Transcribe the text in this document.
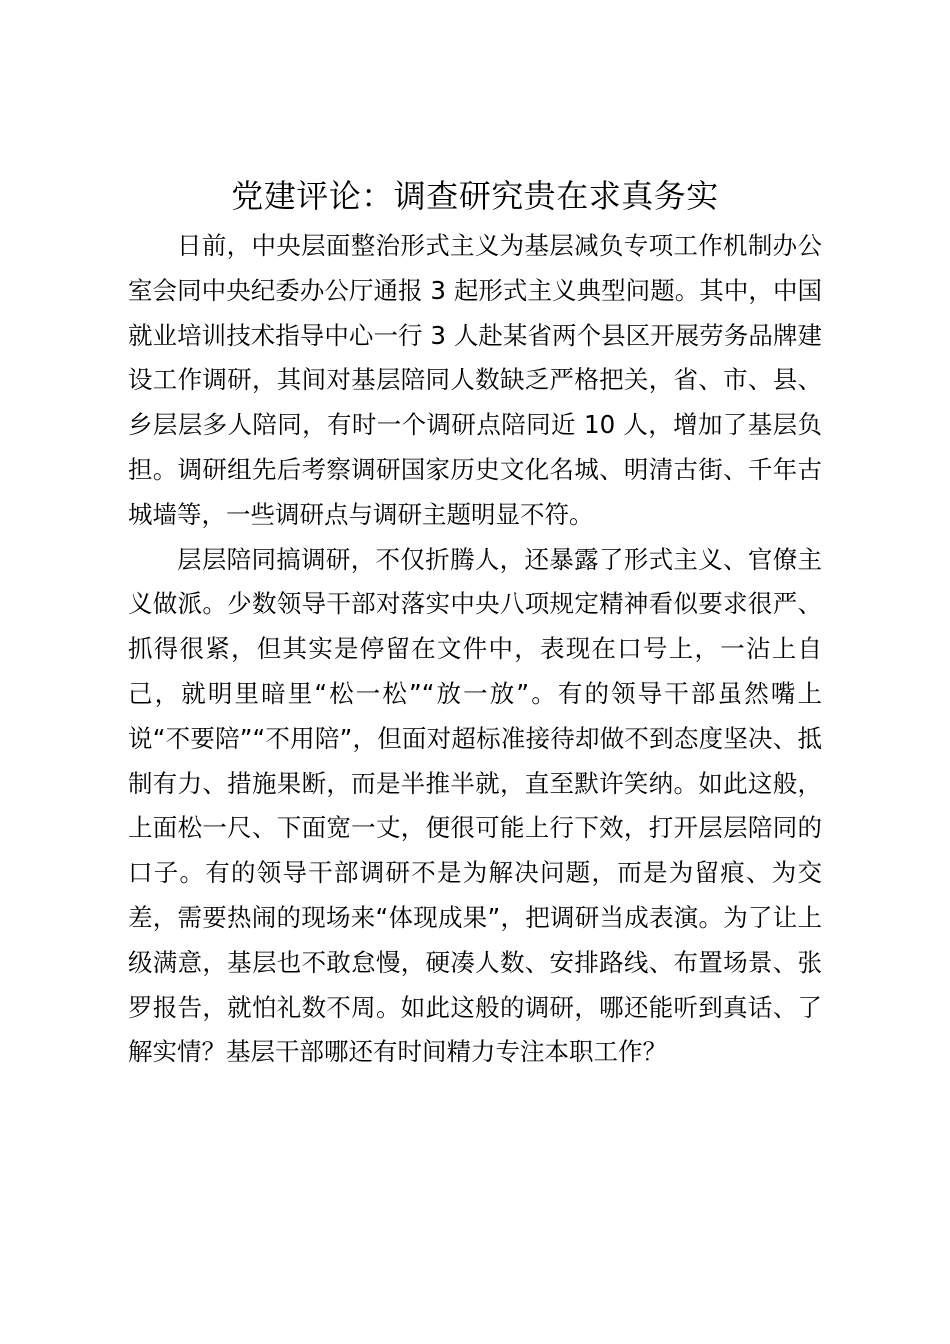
党建评论：调查研究贵在求真务实

日前，中央层面整治形式主义为基层减负专项工作机制办公室会同中央纪委办公厅通报 3 起形式主义典型问题。其中，中国就业培训技术指导中心一行 3 人赴某省两个县区开展劳务品牌建设工作调研，其间对基层陪同人数缺乏严格把关，省、市、县、乡层层多人陪同，有时一个调研点陪同近 10 人，增加了基层负担。调研组先后考察调研国家历史文化名城、明清古街、千年古城墙等，一些调研点与调研主题明显不符。

层层陪同搞调研，不仅折腾人，还暴露了形式主义、官僚主义做派。少数领导干部对落实中央八项规定精神看似要求很严、抓得很紧，但其实是停留在文件中，表现在口号上，一沾上自己，就明里暗里“松一松”“放一放”。有的领导干部虽然嘴上说“不要陪”“不用陪”，但面对超标准接待却做不到态度坚决、抵制有力、措施果断，而是半推半就，直至默许笑纳。如此这般，上面松一尺、下面宽一丈，便很可能上行下效，打开层层陪同的口子。有的领导干部调研不是为解决问题，而是为留痕、为交差，需要热闹的现场来“体现成果”，把调研当成表演。为了让上级满意，基层也不敢怠慢，硬凑人数、安排路线、布置场景、张罗报告，就怕礼数不周。如此这般的调研，哪还能听到真话、了解实情？基层干部哪还有时间精力专注本职工作？
